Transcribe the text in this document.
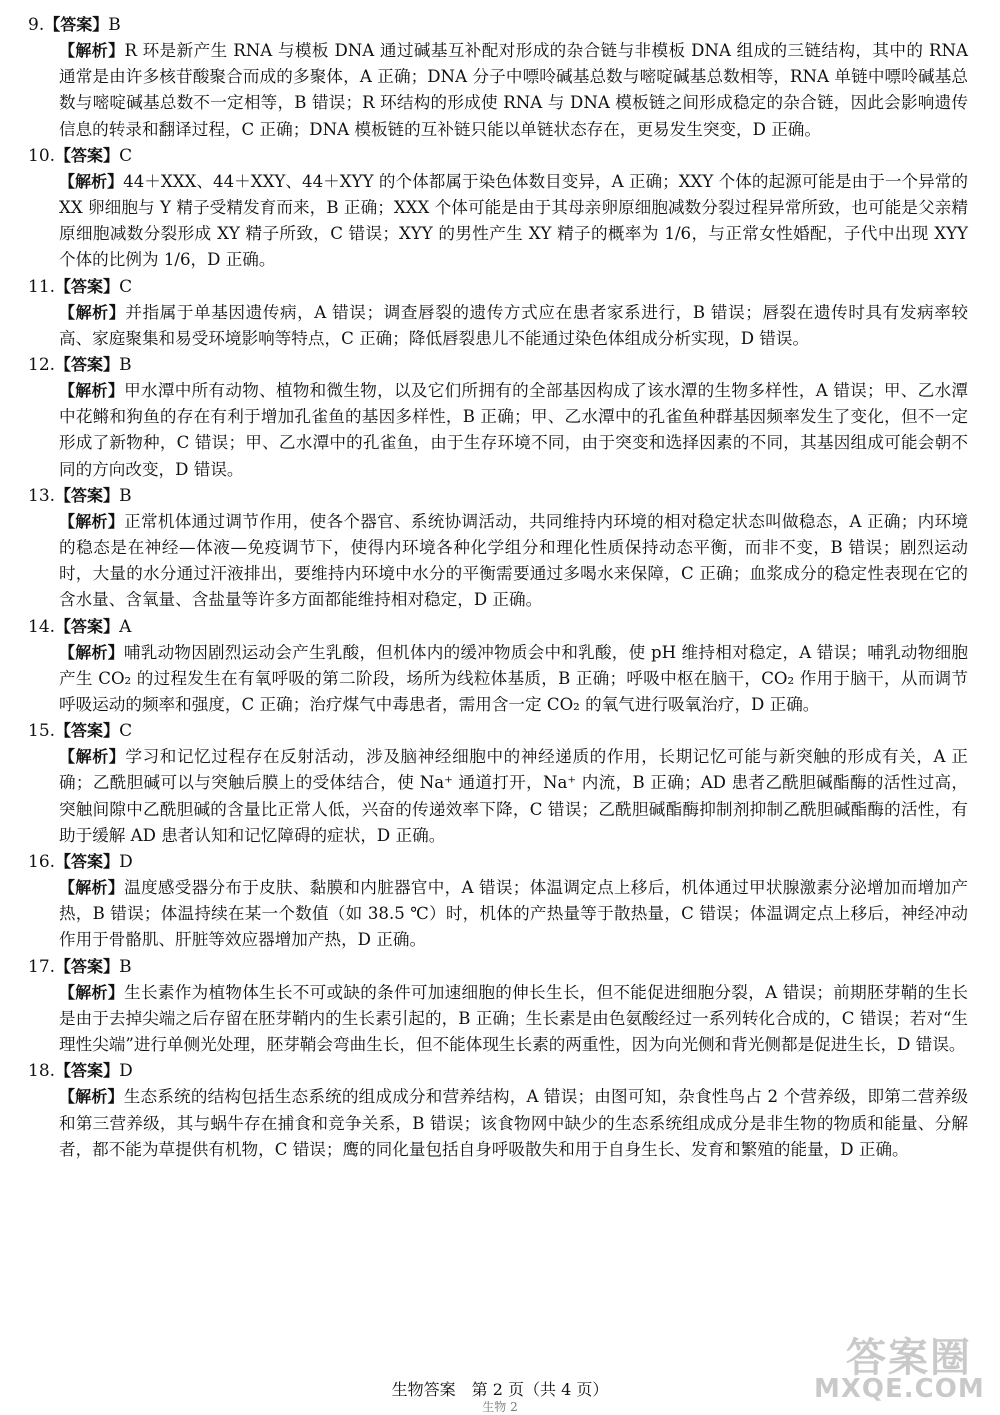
9.【答案】B

【解析】R 环是新产生 RNA 与模板 DNA 通过碱基互补配对形成的杂合链与非模板 DNA 组成的三链结构，其中的 RNA 通常是由许多核苷酸聚合而成的多聚体，A 正确；DNA 分子中嘌呤碱基总数与嘧啶碱基总数相等，RNA 单链中嘌呤碱基总数与嘧啶碱基总数不一定相等，B 错误；R 环结构的形成使 RNA 与 DNA 模板链之间形成稳定的杂合链，因此会影响遗传信息的转录和翻译过程，C 正确；DNA 模板链的互补链只能以单链状态存在，更易发生突变，D 正确。

10.【答案】C

【解析】44＋XXX、44＋XXY、44＋XYY 的个体都属于染色体数目变异，A 正确；XXY 个体的起源可能是由于一个异常的 XX 卵细胞与 Y 精子受精发育而来，B 正确；XXX 个体可能是由于其母亲卵原细胞减数分裂过程异常所致，也可能是父亲精原细胞减数分裂形成 XY 精子所致，C 错误；XYY 的男性产生 XY 精子的概率为 1/6，与正常女性婚配，子代中出现 XYY 个体的比例为 1/6，D 正确。

11.【答案】C

【解析】并指属于单基因遗传病，A 错误；调查唇裂的遗传方式应在患者家系进行，B 错误；唇裂在遗传时具有发病率较高、家庭聚集和易受环境影响等特点，C 正确；降低唇裂患儿不能通过染色体组成分析实现，D 错误。

12.【答案】B

【解析】甲水潭中所有动物、植物和微生物，以及它们所拥有的全部基因构成了该水潭的生物多样性，A 错误；甲、乙水潭中花鳉和狗鱼的存在有利于增加孔雀鱼的基因多样性，B 正确；甲、乙水潭中的孔雀鱼种群基因频率发生了变化，但不一定形成了新物种，C 错误；甲、乙水潭中的孔雀鱼，由于生存环境不同，由于突变和选择因素的不同，其基因组成可能会朝不同的方向改变，D 错误。

13.【答案】B

【解析】正常机体通过调节作用，使各个器官、系统协调活动，共同维持内环境的相对稳定状态叫做稳态，A 正确；内环境的稳态是在神经—体液—免疫调节下，使得内环境各种化学组分和理化性质保持动态平衡，而非不变，B 错误；剧烈运动时，大量的水分通过汗液排出，要维持内环境中水分的平衡需要通过多喝水来保障，C 正确；血浆成分的稳定性表现在它的含水量、含氧量、含盐量等许多方面都能维持相对稳定，D 正确。

14.【答案】A

【解析】哺乳动物因剧烈运动会产生乳酸，但机体内的缓冲物质会中和乳酸，使 pH 维持相对稳定，A 错误；哺乳动物细胞产生 CO₂ 的过程发生在有氧呼吸的第二阶段，场所为线粒体基质，B 正确；呼吸中枢在脑干，CO₂ 作用于脑干，从而调节呼吸运动的频率和强度，C 正确；治疗煤气中毒患者，需用含一定 CO₂ 的氧气进行吸氧治疗，D 正确。

15.【答案】C

【解析】学习和记忆过程存在反射活动，涉及脑神经细胞中的神经递质的作用，长期记忆可能与新突触的形成有关，A 正确；乙酰胆碱可以与突触后膜上的受体结合，使 Na⁺ 通道打开，Na⁺ 内流，B 正确；AD 患者乙酰胆碱酯酶的活性过高，突触间隙中乙酰胆碱的含量比正常人低，兴奋的传递效率下降，C 错误；乙酰胆碱酯酶抑制剂抑制乙酰胆碱酯酶的活性，有助于缓解 AD 患者认知和记忆障碍的症状，D 正确。

16.【答案】D

【解析】温度感受器分布于皮肤、黏膜和内脏器官中，A 错误；体温调定点上移后，机体通过甲状腺激素分泌增加而增加产热，B 错误；体温持续在某一个数值（如 38.5 ℃）时，机体的产热量等于散热量，C 错误；体温调定点上移后，神经冲动作用于骨骼肌、肝脏等效应器增加产热，D 正确。

17.【答案】B

【解析】生长素作为植物体生长不可或缺的条件可加速细胞的伸长生长，但不能促进细胞分裂，A 错误；前期胚芽鞘的生长是由于去掉尖端之后存留在胚芽鞘内的生长素引起的，B 正确；生长素是由色氨酸经过一系列转化合成的，C 错误；若对“生理性尖端”进行单侧光处理，胚芽鞘会弯曲生长，但不能体现生长素的两重性，因为向光侧和背光侧都是促进生长，D 错误。

18.【答案】D

【解析】生态系统的结构包括生态系统的组成成分和营养结构，A 错误；由图可知，杂食性鸟占 2 个营养级，即第二营养级和第三营养级，其与蜗牛存在捕食和竞争关系，B 错误；该食物网中缺少的生态系统组成成分是非生物的物质和能量、分解者，都不能为草提供有机物，C 错误；鹰的同化量包括自身呼吸散失和用于自身生长、发育和繁殖的能量，D 正确。

生物答案　第 2 页（共 4 页）
生物 2
答案圈
MXQE.COM
